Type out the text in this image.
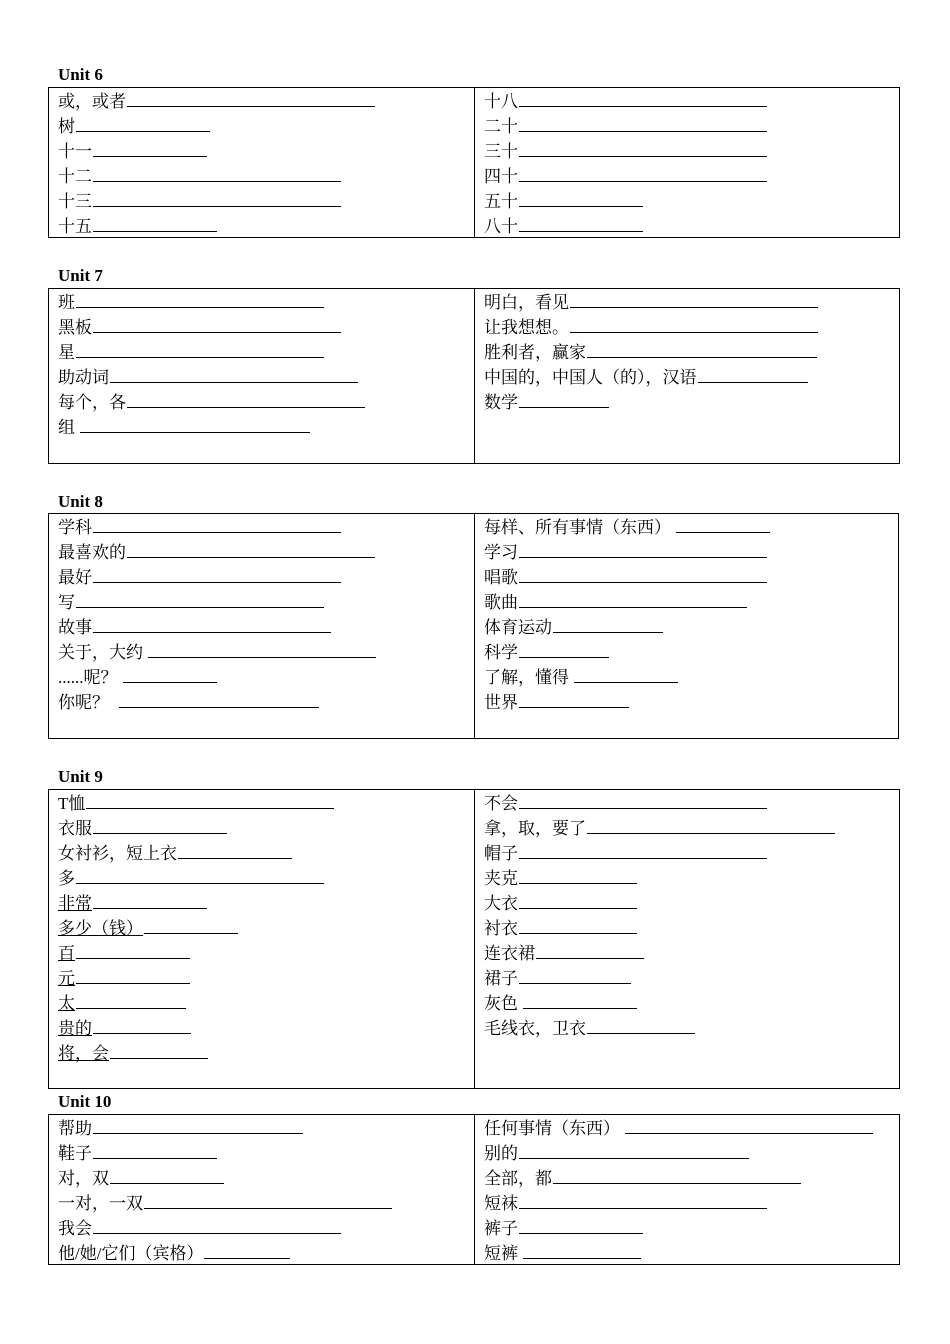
Unit 6
或，或者
树
十一
十二
十三
十五
十八
二十
三十
四十
五十
八十
Unit 7
班
黑板
星
助动词
每个，各
组
明白，看见
让我想想。
胜利者，赢家
中国的，中国人（的），汉语
数学
Unit 8
学科
最喜欢的
最好
写
故事
关于，大约
......呢？
你呢？
每样、所有事情（东西）
学习
唱歌
歌曲
体育运动
科学
了解，懂得
世界
Unit 9
T恤
衣服
女衬衫，短上衣
多
非常
多少（钱）
百
元
太
贵的
将，会
不会
拿，取，要了
帽子
夹克
大衣
衬衣
连衣裙
裙子
灰色
毛线衣，卫衣
Unit 10
帮助
鞋子
对，双
一对，一双
我会
他/她/它们（宾格）
任何事情（东西）
别的
全部，都
短袜
裤子
短裤
